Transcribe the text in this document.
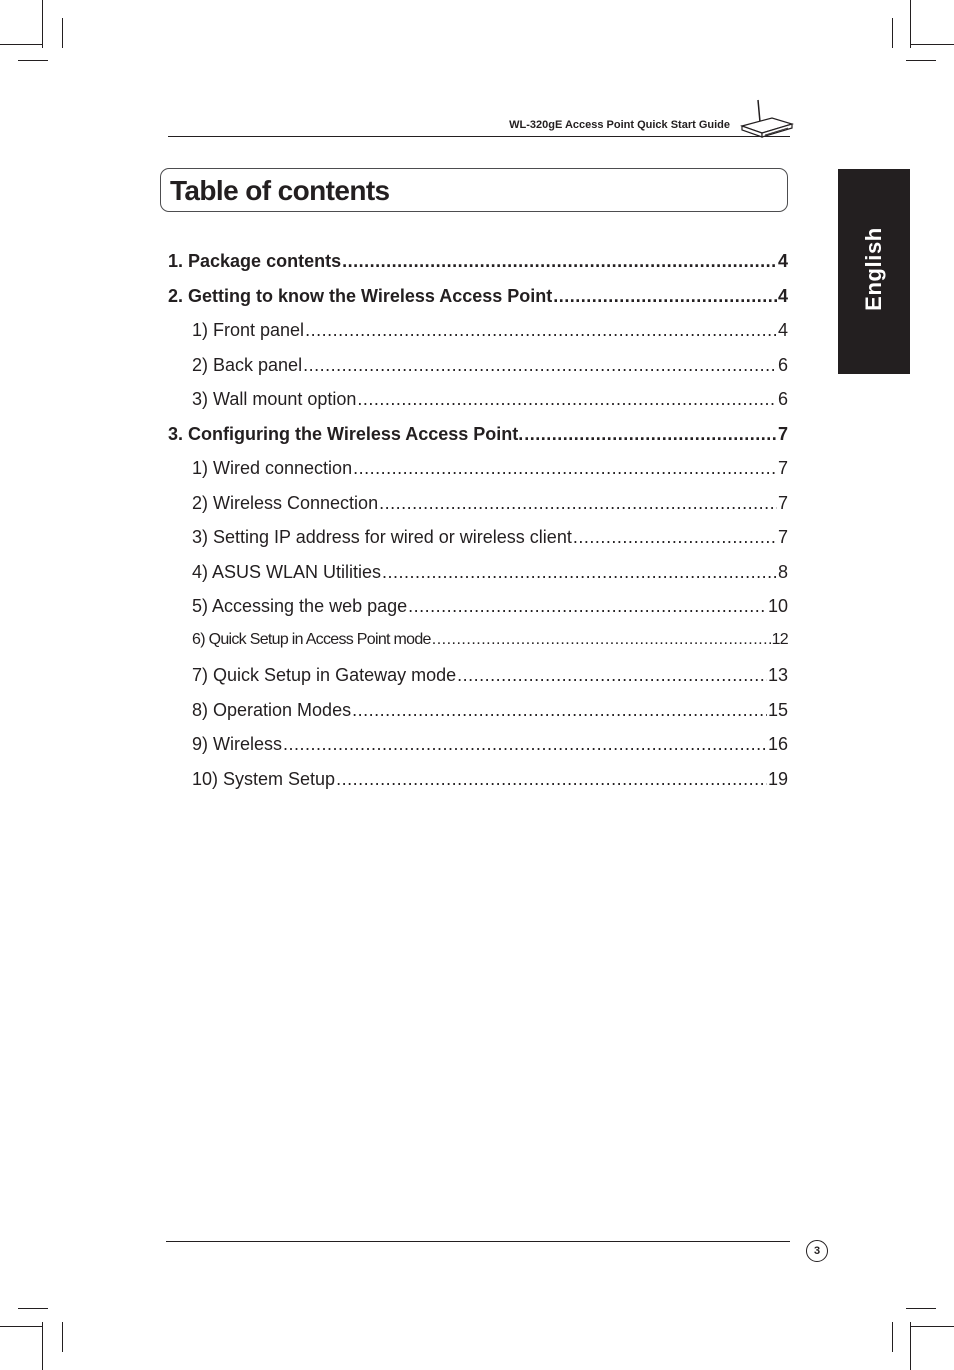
WL-320gE Access Point Quick Start Guide
Table of contents
English
1. Package contents .....	4
2. Getting to know the Wireless Access Point .....	4
1) Front panel .....	4
2) Back panel .....	6
3) Wall mount option .....	6
3. Configuring the Wireless Access Point. .....	7
1) Wired connection .....	7
2) Wireless Connection .....	7
3) Setting IP address for wired or wireless client .....	7
4) ASUS WLAN Utilities .....	8
5) Accessing the web page .....	10
6) Quick Setup in Access Point mode .....	12
7) Quick Setup in Gateway mode .....	13
8) Operation Modes .....	15
9) Wireless .....	16
10) System Setup .....	19
3
